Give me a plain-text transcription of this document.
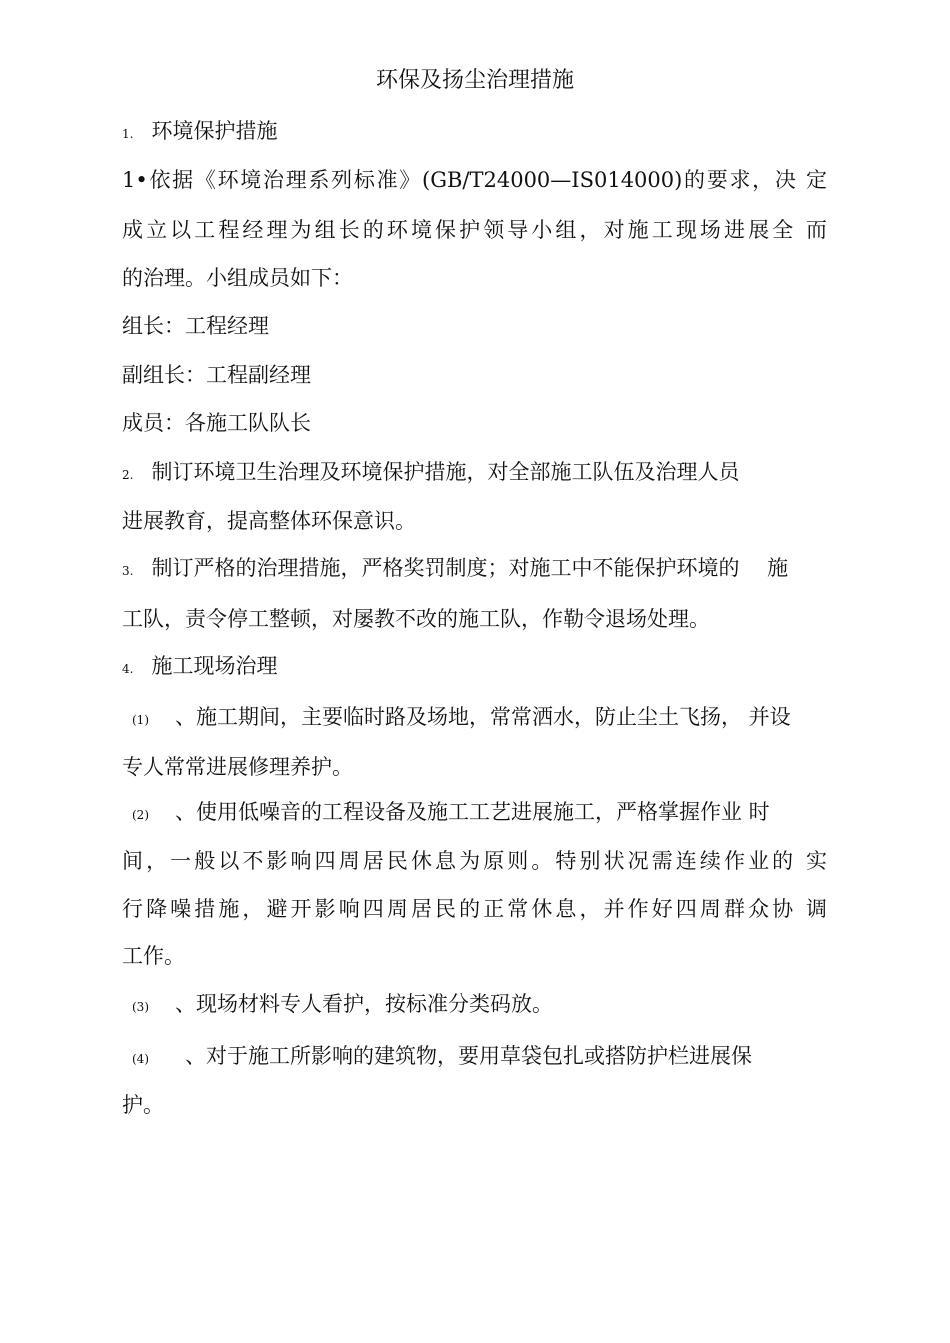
环保及扬尘治理措施
1. 环境保护措施
1•依据《环境治理系列标准》(GB/T24000—IS014000)的要求，决 定
成立以工程经理为组长的环境保护领导小组，对施工现场进展全 而
的治理。小组成员如下：
组长：工程经理
副组长：工程副经理
成员：各施工队队长
2. 制订环境卫生治理及环境保护措施，对全部施工队伍及治理人员
进展教育，提高整体环保意识。
3. 制订严格的治理措施，严格奖罚制度；对施工中不能保护环境的　 施
工队，责令停工整顿，对屡教不改的施工队，作勒令退场处理。
4. 施工现场治理
(1) 、施工期间，主要临时路及场地，常常洒水，防止尘土飞扬， 并设
专人常常进展修理养护。
(2) 、使用低噪音的工程设备及施工工艺进展施工，严格掌握作业 时
间，一般以不影响四周居民休息为原则。特别状况需连续作业的 实
行降噪措施，避开影响四周居民的正常休息，并作好四周群众协 调
工作。
(3) 、现场材料专人看护，按标准分类码放。
(4) 、对于施工所影响的建筑物，要用草袋包扎或搭防护栏进展保
护。
